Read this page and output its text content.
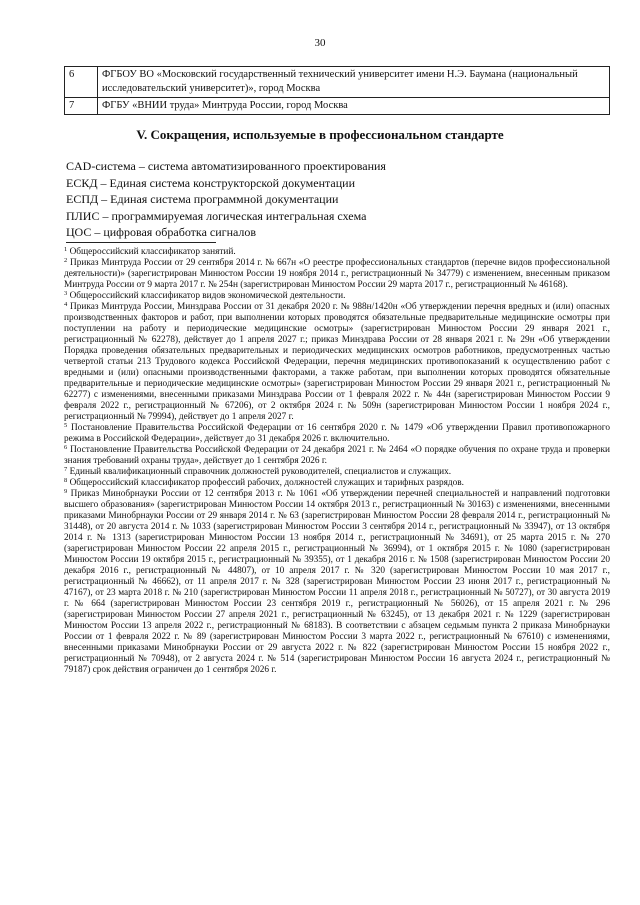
30
6	ФГБОУ ВО «Московский государственный технический университет имени Н.Э. Баумана (национальный исследовательский университет)», город Москва
7	ФГБУ «ВНИИ труда» Минтруда России, город Москва
V. Сокращения, используемые в профессиональном стандарте
CAD-система – система автоматизированного проектирования
ЕСКД – Единая система конструкторской документации
ЕСПД – Единая система программной документации
ПЛИС – программируемая логическая интегральная схема
ЦОС – цифровая обработка сигналов

$^1$ Общероссийский классификатор занятий.

$^2$ Приказ Минтруда России от 29 сентября 2014 г. № 667н «О реестре профессиональных стандартов (перечне видов профессиональной деятельности)» (зарегистрирован Минюстом России 19 ноября 2014 г., регистрационный № 34779) с изменением, внесенным приказом Минтруда России от 9 марта 2017 г. № 254н (зарегистрирован Минюстом России 29 марта 2017 г., регистрационный № 46168).

$^3$ Общероссийский классификатор видов экономической деятельности.

$^4$ Приказ Минтруда России, Минздрава России от 31 декабря 2020 г. № 988н/1420н «Об утверждении перечня вредных и (или) опасных производственных факторов и работ, при выполнении которых проводятся обязательные предварительные медицинские осмотры при поступлении на работу и периодические медицинские осмотры» (зарегистрирован Минюстом России 29 января 2021 г., регистрационный № 62278), действует до 1 апреля 2027 г.; приказ Минздрава России от 28 января 2021 г. № 29н «Об утверждении Порядка проведения обязательных предварительных и периодических медицинских осмотров работников, предусмотренных частью четвертой статьи 213 Трудового кодекса Российской Федерации, перечня медицинских противопоказаний к осуществлению работ с вредными и (или) опасными производственными факторами, а также работам, при выполнении которых проводятся обязательные предварительные и периодические медицинские осмотры» (зарегистрирован Минюстом России 29 января 2021 г., регистрационный № 62277) с изменениями, внесенными приказами Минздрава России от 1 февраля 2022 г. № 44н (зарегистрирован Минюстом России 9 февраля 2022 г., регистрационный № 67206), от 2 октября 2024 г. № 509н (зарегистрирован Минюстом России 1 ноября 2024 г., регистрационный № 79994), действует до 1 апреля 2027 г.

$^5$ Постановление Правительства Российской Федерации от 16 сентября 2020 г. № 1479 «Об утверждении Правил противопожарного режима в Российской Федерации», действует до 31 декабря 2026 г. включительно.

$^6$ Постановление Правительства Российской Федерации от 24 декабря 2021 г. № 2464 «О порядке обучения по охране труда и проверки знания требований охраны труда», действует до 1 сентября 2026 г.

$^7$ Единый квалификационный справочник должностей руководителей, специалистов и служащих.

$^8$ Общероссийский классификатор профессий рабочих, должностей служащих и тарифных разрядов.

$^9$ Приказ Минобрнауки России от 12 сентября 2013 г. № 1061 «Об утверждении перечней специальностей и направлений подготовки высшего образования» (зарегистрирован Минюстом России 14 октября 2013 г., регистрационный № 30163) с изменениями, внесенными приказами Минобрнауки России от 29 января 2014 г. № 63 (зарегистрирован Минюстом России 28 февраля 2014 г., регистрационный № 31448), от 20 августа 2014 г. № 1033 (зарегистрирован Минюстом России 3 сентября 2014 г., регистрационный № 33947), от 13 октября 2014 г. № 1313 (зарегистрирован Минюстом России 13 ноября 2014 г., регистрационный № 34691), от 25 марта 2015 г. № 270 (зарегистрирован Минюстом России 22 апреля 2015 г., регистрационный № 36994), от 1 октября 2015 г. № 1080 (зарегистрирован Минюстом России 19 октября 2015 г., регистрационный № 39355), от 1 декабря 2016 г. № 1508 (зарегистрирован Минюстом России 20 декабря 2016 г., регистрационный № 44807), от 10 апреля 2017 г. № 320 (зарегистрирован Минюстом России 10 мая 2017 г., регистрационный № 46662), от 11 апреля 2017 г. № 328 (зарегистрирован Минюстом России 23 июня 2017 г., регистрационный № 47167), от 23 марта 2018 г. № 210 (зарегистрирован Минюстом России 11 апреля 2018 г., регистрационный № 50727), от 30 августа 2019 г. № 664 (зарегистрирован Минюстом России 23 сентября 2019 г., регистрационный № 56026), от 15 апреля 2021 г. № 296 (зарегистрирован Минюстом России 27 апреля 2021 г., регистрационный № 63245), от 13 декабря 2021 г. № 1229 (зарегистрирован Минюстом России 13 апреля 2022 г., регистрационный № 68183). В соответствии с абзацем седьмым пункта 2 приказа Минобрнауки России от 1 февраля 2022 г. № 89 (зарегистрирован Минюстом России 3 марта 2022 г., регистрационный № 67610) с изменениями, внесенными приказами Минобрнауки России от 29 августа 2022 г. № 822 (зарегистрирован Минюстом России 15 ноября 2022 г., регистрационный № 70948), от 2 августа 2024 г. № 514 (зарегистрирован Минюстом России 16 августа 2024 г., регистрационный № 79187) срок действия ограничен до 1 сентября 2026 г.
